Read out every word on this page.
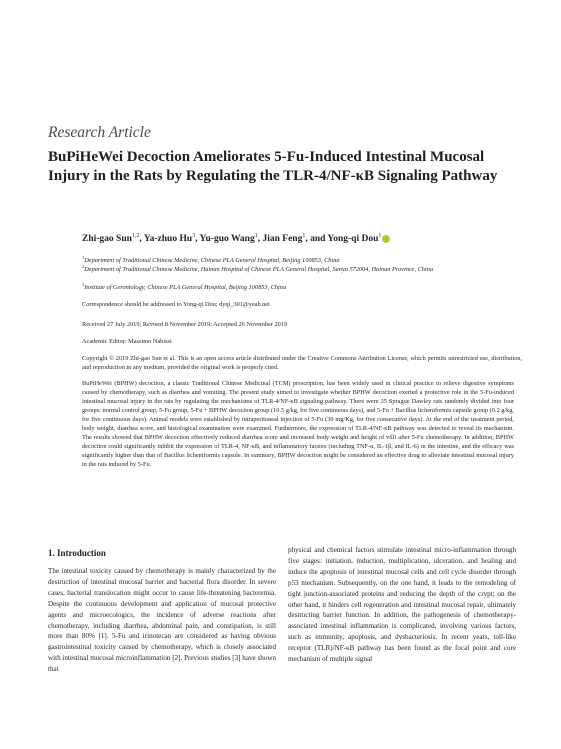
Research Article
BuPiHeWei Decoction Ameliorates 5-Fu-Induced Intestinal Mucosal Injury in the Rats by Regulating the TLR-4/NF-κB Signaling Pathway
Zhi-gao Sun$^{1,2}$, Ya-zhuo Hu$^3$, Yu-guo Wang$^1$, Jian Feng$^1$, and Yong-qi Dou$^1$
$^1$Department of Traditional Chinese Medicine, Chinese PLA General Hospital, Beijing 100853, China
$^2$Department of Traditional Chinese Medicine, Hainan Hospital of Chinese PLA General Hospital, Sanya 572004, Hainan Province, China
$^3$Institute of Gerontology, Chinese PLA General Hospital, Beijing 100853, China
Correspondence should be addressed to Yong-qi Dou; dyqi_301@yeah.net
Received 27 July 2019; Revised 8 November 2019; Accepted 26 November 2019
Academic Editor: Massimo Nabissi
Copyright © 2019 Zhi-gao Sun et al. This is an open access article distributed under the Creative Commons Attribution License, which permits unrestricted use, distribution, and reproduction in any medium, provided the original work is properly cited.

BuPiHeWei (BPHW) decoction, a classic Traditional Chinese Medicinal (TCM) prescription, has been widely used in clinical practice to relieve digestive symptoms caused by chemotherapy, such as diarrhea and vomiting. The present study aimed to investigate whether BPHW decoction exerted a protective role in the 5-Fu-induced intestinal mucosal injury in the rats by regulating the mechanisms of TLR-4/NF-κB signaling pathway. There were 35 Sprague Dawley rats randomly divided into four groups: normal control group, 5-Fu group, 5-Fu + BPHW decoction group (10.5 g/kg, for five continuous days), and 5-Fu + Bacillus licheniformis capsule group (0.2 g/kg, for five continuous days). Animal models were established by intraperitoneal injection of 5-Fu (30 mg/Kg, for five consecutive days). At the end of the treatment period, body weight, diarrhea score, and histological examination were examined. Furthermore, the expression of TLR-4/NF-κB pathway was detected to reveal its mechanism. The results showed that BPHW decoction effectively reduced diarrhea score and increased body weight and height of villi after 5-Fu chemotherapy. In addition, BPHW decoction could significantly inhibit the expression of TLR-4, NF-κB, and inflammatory factors (including TNF-α, IL-1β, and IL-6) in the intestine, and the efficacy was significantly higher than that of Bacillus licheniformis capsule. In summary, BPHW decoction might be considered an effective drug to alleviate intestinal mucosal injury in the rats induced by 5-Fu.

1. Introduction

The intestinal toxicity caused by chemotherapy is mainly characterized by the destruction of intestinal mucosal barrier and bacterial flora disorder. In severe cases, bacterial translocation might occur to cause life-threatening bacteremia. Despite the continuous development and application of mucosal protective agents and microecologics, the incidence of adverse reactions after chemotherapy, including diarrhea, abdominal pain, and constipation, is still more than 80% [1]. 5-Fu and irinotecan are considered as having obvious gastrointestinal toxicity caused by chemotherapy, which is closely associated with intestinal mucosal microinflammation [2]. Previous studies [3] have shown that

physical and chemical factors stimulate intestinal micro-inflammation through five stages: initiation, induction, multiplication, ulceration, and healing and induce the apoptosis of intestinal mucosal cells and cell cycle disorder through p53 mechanism. Subsequently, on the one hand, it leads to the remodeling of tight junction-associated proteins and reducing the depth of the crypt; on the other hand, it hinders cell regeneration and intestinal mucosal repair, ultimately destructing barrier function. In addition, the pathogenesis of chemotherapy-associated intestinal inflammation is complicated, involving various factors, such as immunity, apoptosis, and dysbacteriosis. In recent years, toll-like receptor (TLR)/NF-κB pathway has been found as the focal point and core mechanism of multiple signal
